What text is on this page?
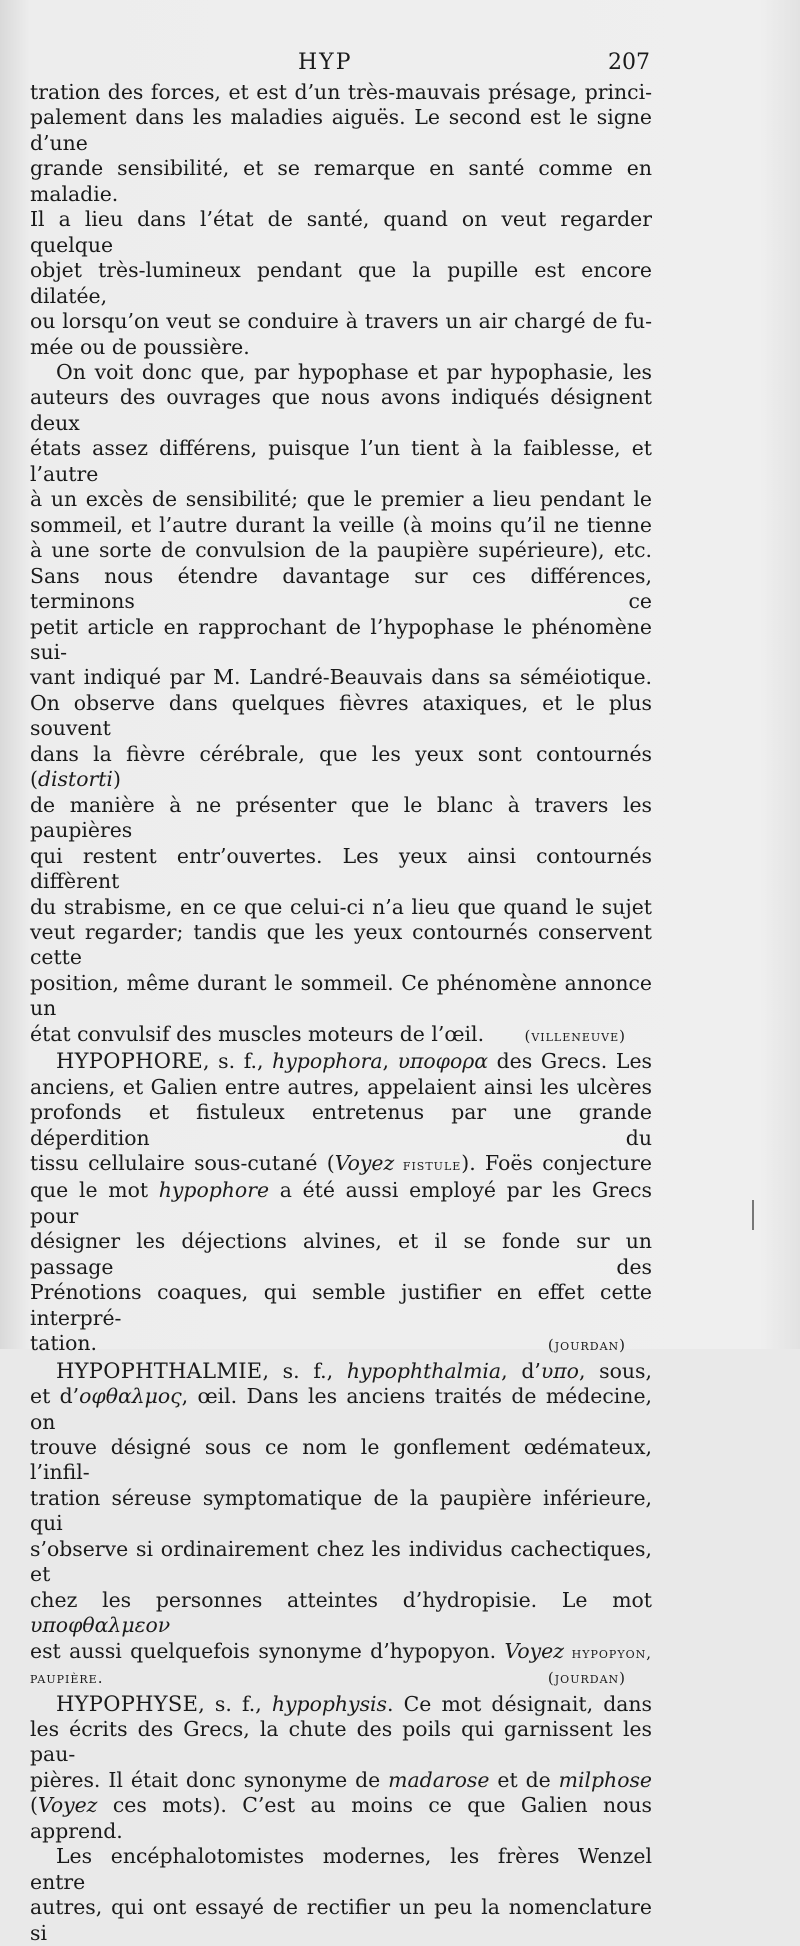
HYP	207

tration des forces, et est d’un très-mauvais présage, princi-

palement dans les maladies aiguës. Le second est le signe d’une

grande sensibilité, et se remarque en santé comme en maladie.

Il a lieu dans l’état de santé, quand on veut regarder quelque

objet très-lumineux pendant que la pupille est encore dilatée,

ou lorsqu’on veut se conduire à travers un air chargé de fu-

mée ou de poussière.

On voit donc que, par hypophase et par hypophasie, les

auteurs des ouvrages que nous avons indiqués désignent deux

états assez différens, puisque l’un tient à la faiblesse, et l’autre

à un excès de sensibilité; que le premier a lieu pendant le

sommeil, et l’autre durant la veille (à moins qu’il ne tienne

à une sorte de convulsion de la paupière supérieure), etc.

Sans nous étendre davantage sur ces différences, terminons ce

petit article en rapprochant de l’hypophase le phénomène sui-

vant indiqué par M. Landré-Beauvais dans sa séméiotique.

On observe dans quelques fièvres ataxiques, et le plus souvent

dans la fièvre cérébrale, que les yeux sont contournés (distorti)

de manière à ne présenter que le blanc à travers les paupières

qui restent entr’ouvertes. Les yeux ainsi contournés diffèrent

du strabisme, en ce que celui-ci n’a lieu que quand le sujet

veut regarder; tandis que les yeux contournés conservent cette

position, même durant le sommeil. Ce phénomène annonce un

état convulsif des muscles moteurs de l’œil.	(villeneuve)

HYPOPHORE, s. f., hypophora, υποφορα des Grecs. Les

anciens, et Galien entre autres, appelaient ainsi les ulcères

profonds et fistuleux entretenus par une grande déperdition du

tissu cellulaire sous-cutané (Voyez fistule). Foës conjecture

que le mot hypophore a été aussi employé par les Grecs pour

désigner les déjections alvines, et il se fonde sur un passage des

Prénotions coaques, qui semble justifier en effet cette interpré-

tation.	(jourdan)

HYPOPHTHALMIE, s. f., hypophthalmia, d’υπο, sous,

et d’οφθαλμος, œil. Dans les anciens traités de médecine, on

trouve désigné sous ce nom le gonflement œdémateux, l’infil-

tration séreuse symptomatique de la paupière inférieure, qui

s’observe si ordinairement chez les individus cachectiques, et

chez les personnes atteintes d’hydropisie. Le mot υποφθαλμεον

est aussi quelquefois synonyme d’hypopyon. Voyez hypopyon,

paupière.	(jourdan)

HYPOPHYSE, s. f., hypophysis. Ce mot désignait, dans

les écrits des Grecs, la chute des poils qui garnissent les pau-

pières. Il était donc synonyme de madarose et de milphose

(Voyez ces mots). C’est au moins ce que Galien nous apprend.

Les encéphalotomistes modernes, les frères Wenzel entre

autres, qui ont essayé de rectifier un peu la nomenclature si
